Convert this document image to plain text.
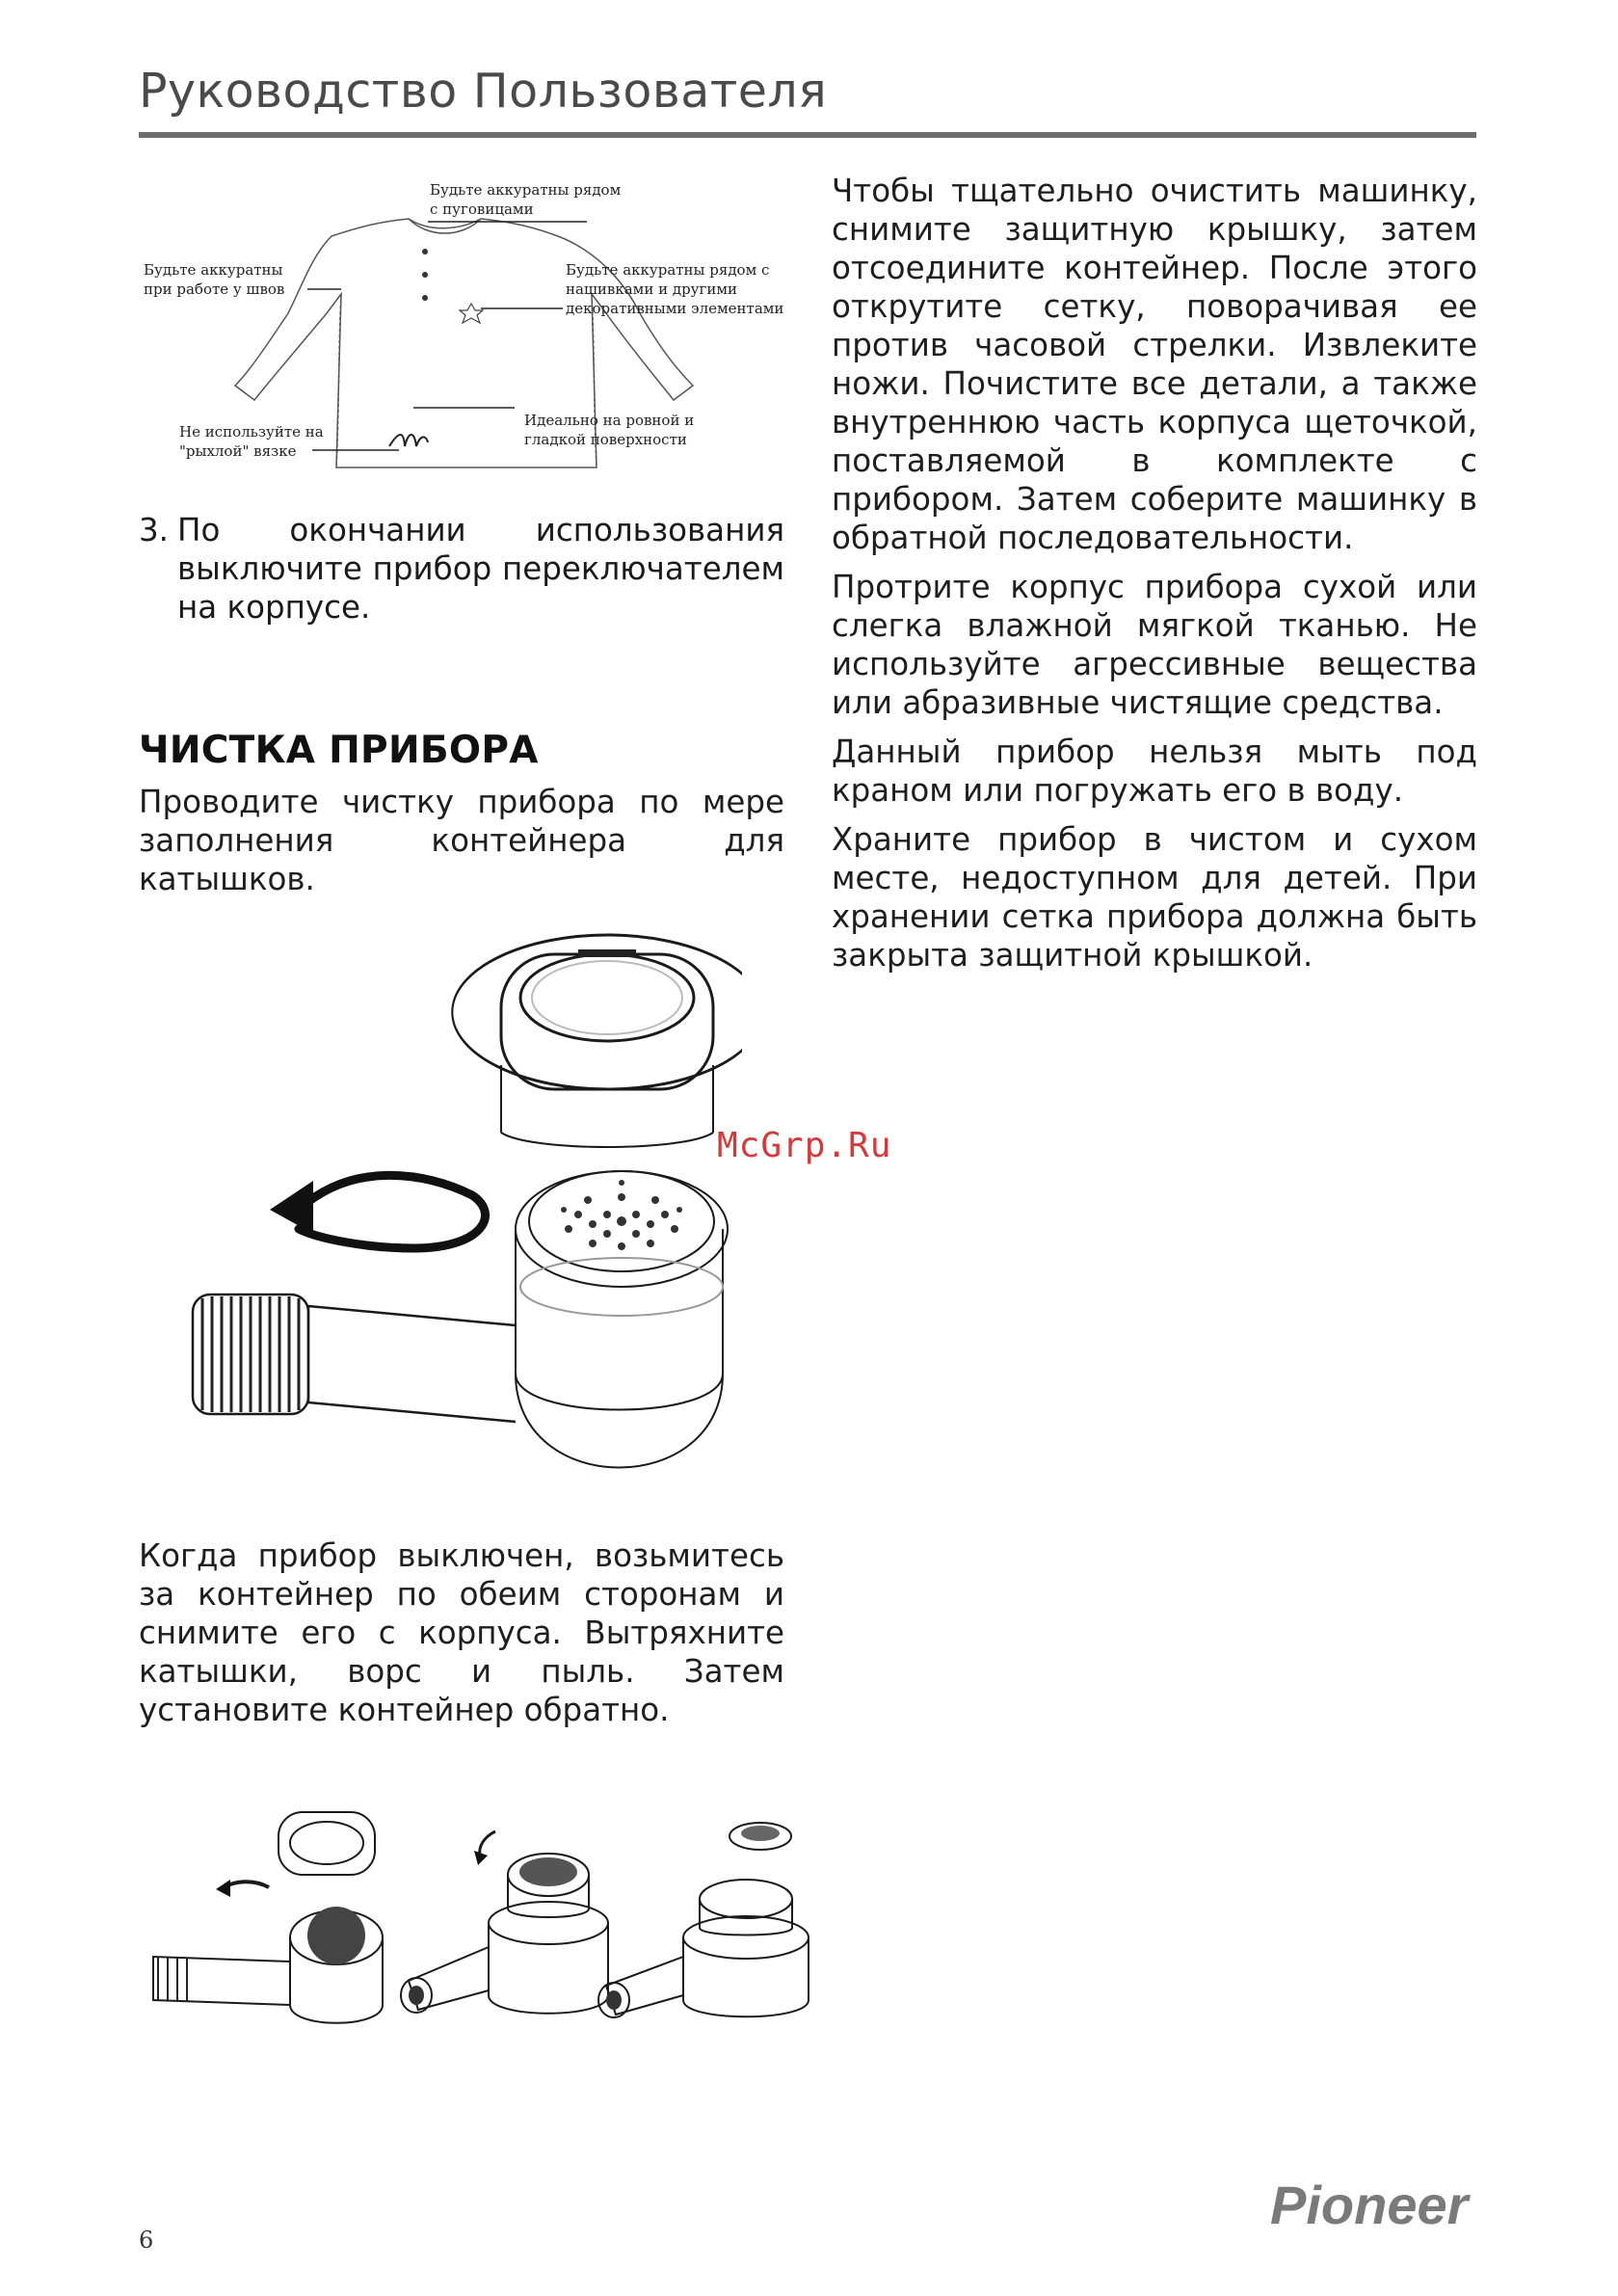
Руководство Пользователя
Будьте аккуратны рядом
с пуговицами
Будьте аккуратны
при работе у швов
Будьте аккуратны рядом с
нашивками и другими
декоративными элементами
Идеально на ровной и
гладкой поверхности
Не используйте на
"рыхлой" вязке
3. По окончании использования выключите прибор переключателем на корпусе.
ЧИСТКА ПРИБОРА
Проводите чистку прибора по мере заполнения контейнера для катышков.
McGrp.Ru
Когда прибор выключен, возьмитесь за контейнер по обеим сторонам и снимите его с корпуса. Вытряхните катышки, ворс и пыль. Затем установите контейнер обратно.

Чтобы тщательно очистить машинку, снимите защитную крышку, затем отсоедините контейнер. После этого открутите сетку, поворачивая ее против часовой стрелки. Извлеките ножи. Почистите все детали, а также внутреннюю часть корпуса щеточкой, поставляемой в комплекте с прибором. Затем соберите машинку в обратной последовательности.

Протрите корпус прибора сухой или слегка влажной мягкой тканью. Не используйте агрессивные вещества или абразивные чистящие средства.

Данный прибор нельзя мыть под краном или погружать его в воду.

Храните прибор в чистом и сухом месте, недоступном для детей. При хранении сетка прибора должна быть закрыта защитной крышкой.

Pioneer
6
